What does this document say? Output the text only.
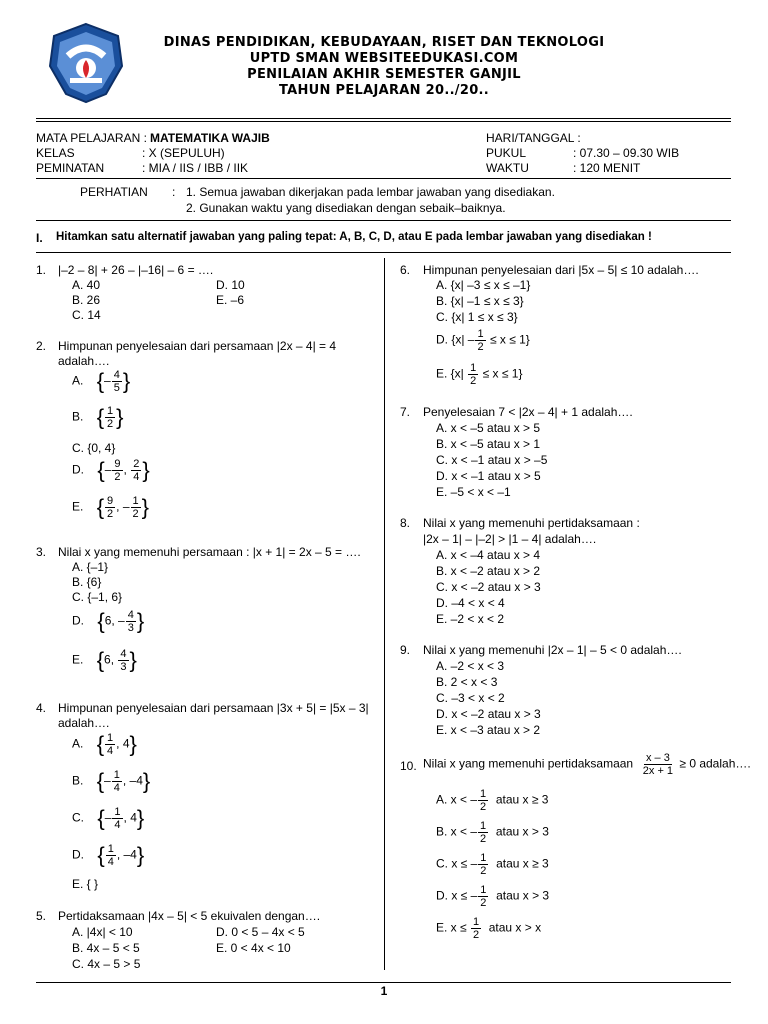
DINAS PENDIDIKAN, KEBUDAYAAN, RISET DAN TEKNOLOGI
UPTD SMAN WEBSITEEDUKASI.COM
PENILAIAN AKHIR SEMESTER GANJIL
TAHUN PELAJARAN 20../20..
MATA PELAJARAN : MATEMATIKA WAJIB
KELAS	: X (SEPULUH)
PEMINATAN	: MIA / IIS / IBB / IIK
HARI/TANGGAL :
PUKUL	: 07.30 – 09.30 WIB
WAKTU	: 120 MENIT
PERHATIAN : 1. Semua jawaban dikerjakan pada lembar jawaban yang disediakan.
2. Gunakan waktu yang disediakan dengan sebaik–baiknya.
I. Hitamkan satu alternatif jawaban yang paling tepat: A, B, C, D, atau E pada lembar jawaban yang disediakan !
1. |–2 – 8| + 26 – |–16| – 6 = ….
A. 40
B. 26
C. 14
D. 10
E. –6
2. Himpunan penyelesaian dari persamaan |2x – 4| = 4
adalah….
A. {– $\frac{4}{5}$ }
B. { $\frac{1}{2}$ }
C. {0, 4}
D. {– $\frac{9}{2}$ , $\frac{2}{4}$ }
E. { $\frac{9}{2}$ , – $\frac{1}{2}$ }
3. Nilai x yang memenuhi persamaan : |x + 1| = 2x – 5 = ….
A. {–1}
B. {6}
C. {–1, 6}
D. {6, – $\frac{4}{3}$ }
E. {6, $\frac{4}{3}$ }
4. Himpunan penyelesaian dari persamaan |3x + 5| = |5x – 3|
adalah….
A. { $\frac{1}{4}$ , 4}
B. {– $\frac{1}{4}$ , –4}
C. {– $\frac{1}{4}$ , 4}
D. { $\frac{1}{4}$ , –4}
E. { }
5. Pertidaksamaan |4x – 5| < 5 ekuivalen dengan….
A. |4x| < 10
B. 4x – 5 < 5
C. 4x – 5 > 5
D. 0 < 5 – 4x < 5
E. 0 < 4x < 10
6. Himpunan penyelesaian dari |5x – 5| ≤ 10 adalah….
A. {x| –3 ≤ x ≤ –1}
B. {x| –1 ≤ x ≤ 3}
C. {x| 1 ≤ x ≤ 3}
D. $\{x| - \frac{1}{2} \le x \le 1\}$
E. $\{x| \frac{1}{2} \le x \le 1\}$
7. Penyelesaian 7 < |2x – 4| + 1 adalah….
A. x < –5 atau x > 5
B. x < –5 atau x > 1
C. x < –1 atau x > –5
D. x < –1 atau x > 5
E. –5 < x < –1
8. Nilai x yang memenuhi pertidaksamaan :
|2x – 1| – |–2| > |1 – 4| adalah….
A. x < –4 atau x > 4
B. x < –2 atau x > 2
C. x < –2 atau x > 3
D. –4 < x < 4
E. –2 < x < 2
9. Nilai x yang memenuhi |2x – 1| – 5 < 0 adalah….
A. –2 < x < 3
B. 2 < x < 3
C. –3 < x < 2
D. x < –2 atau x > 3
E. x < –3 atau x > 2
10. Nilai x yang memenuhi pertidaksamaan $\frac{x - 3}{2x + 1} \ge 0$ adalah….
A. x < – $\frac{1}{2}$ atau x ≥ 3
B. x < – $\frac{1}{2}$ atau x > 3
C. x ≤ – $\frac{1}{2}$ atau x ≥ 3
D. x ≤ – $\frac{1}{2}$ atau x > 3
E. $x \le \frac{1}{2}$ atau x > x
1
